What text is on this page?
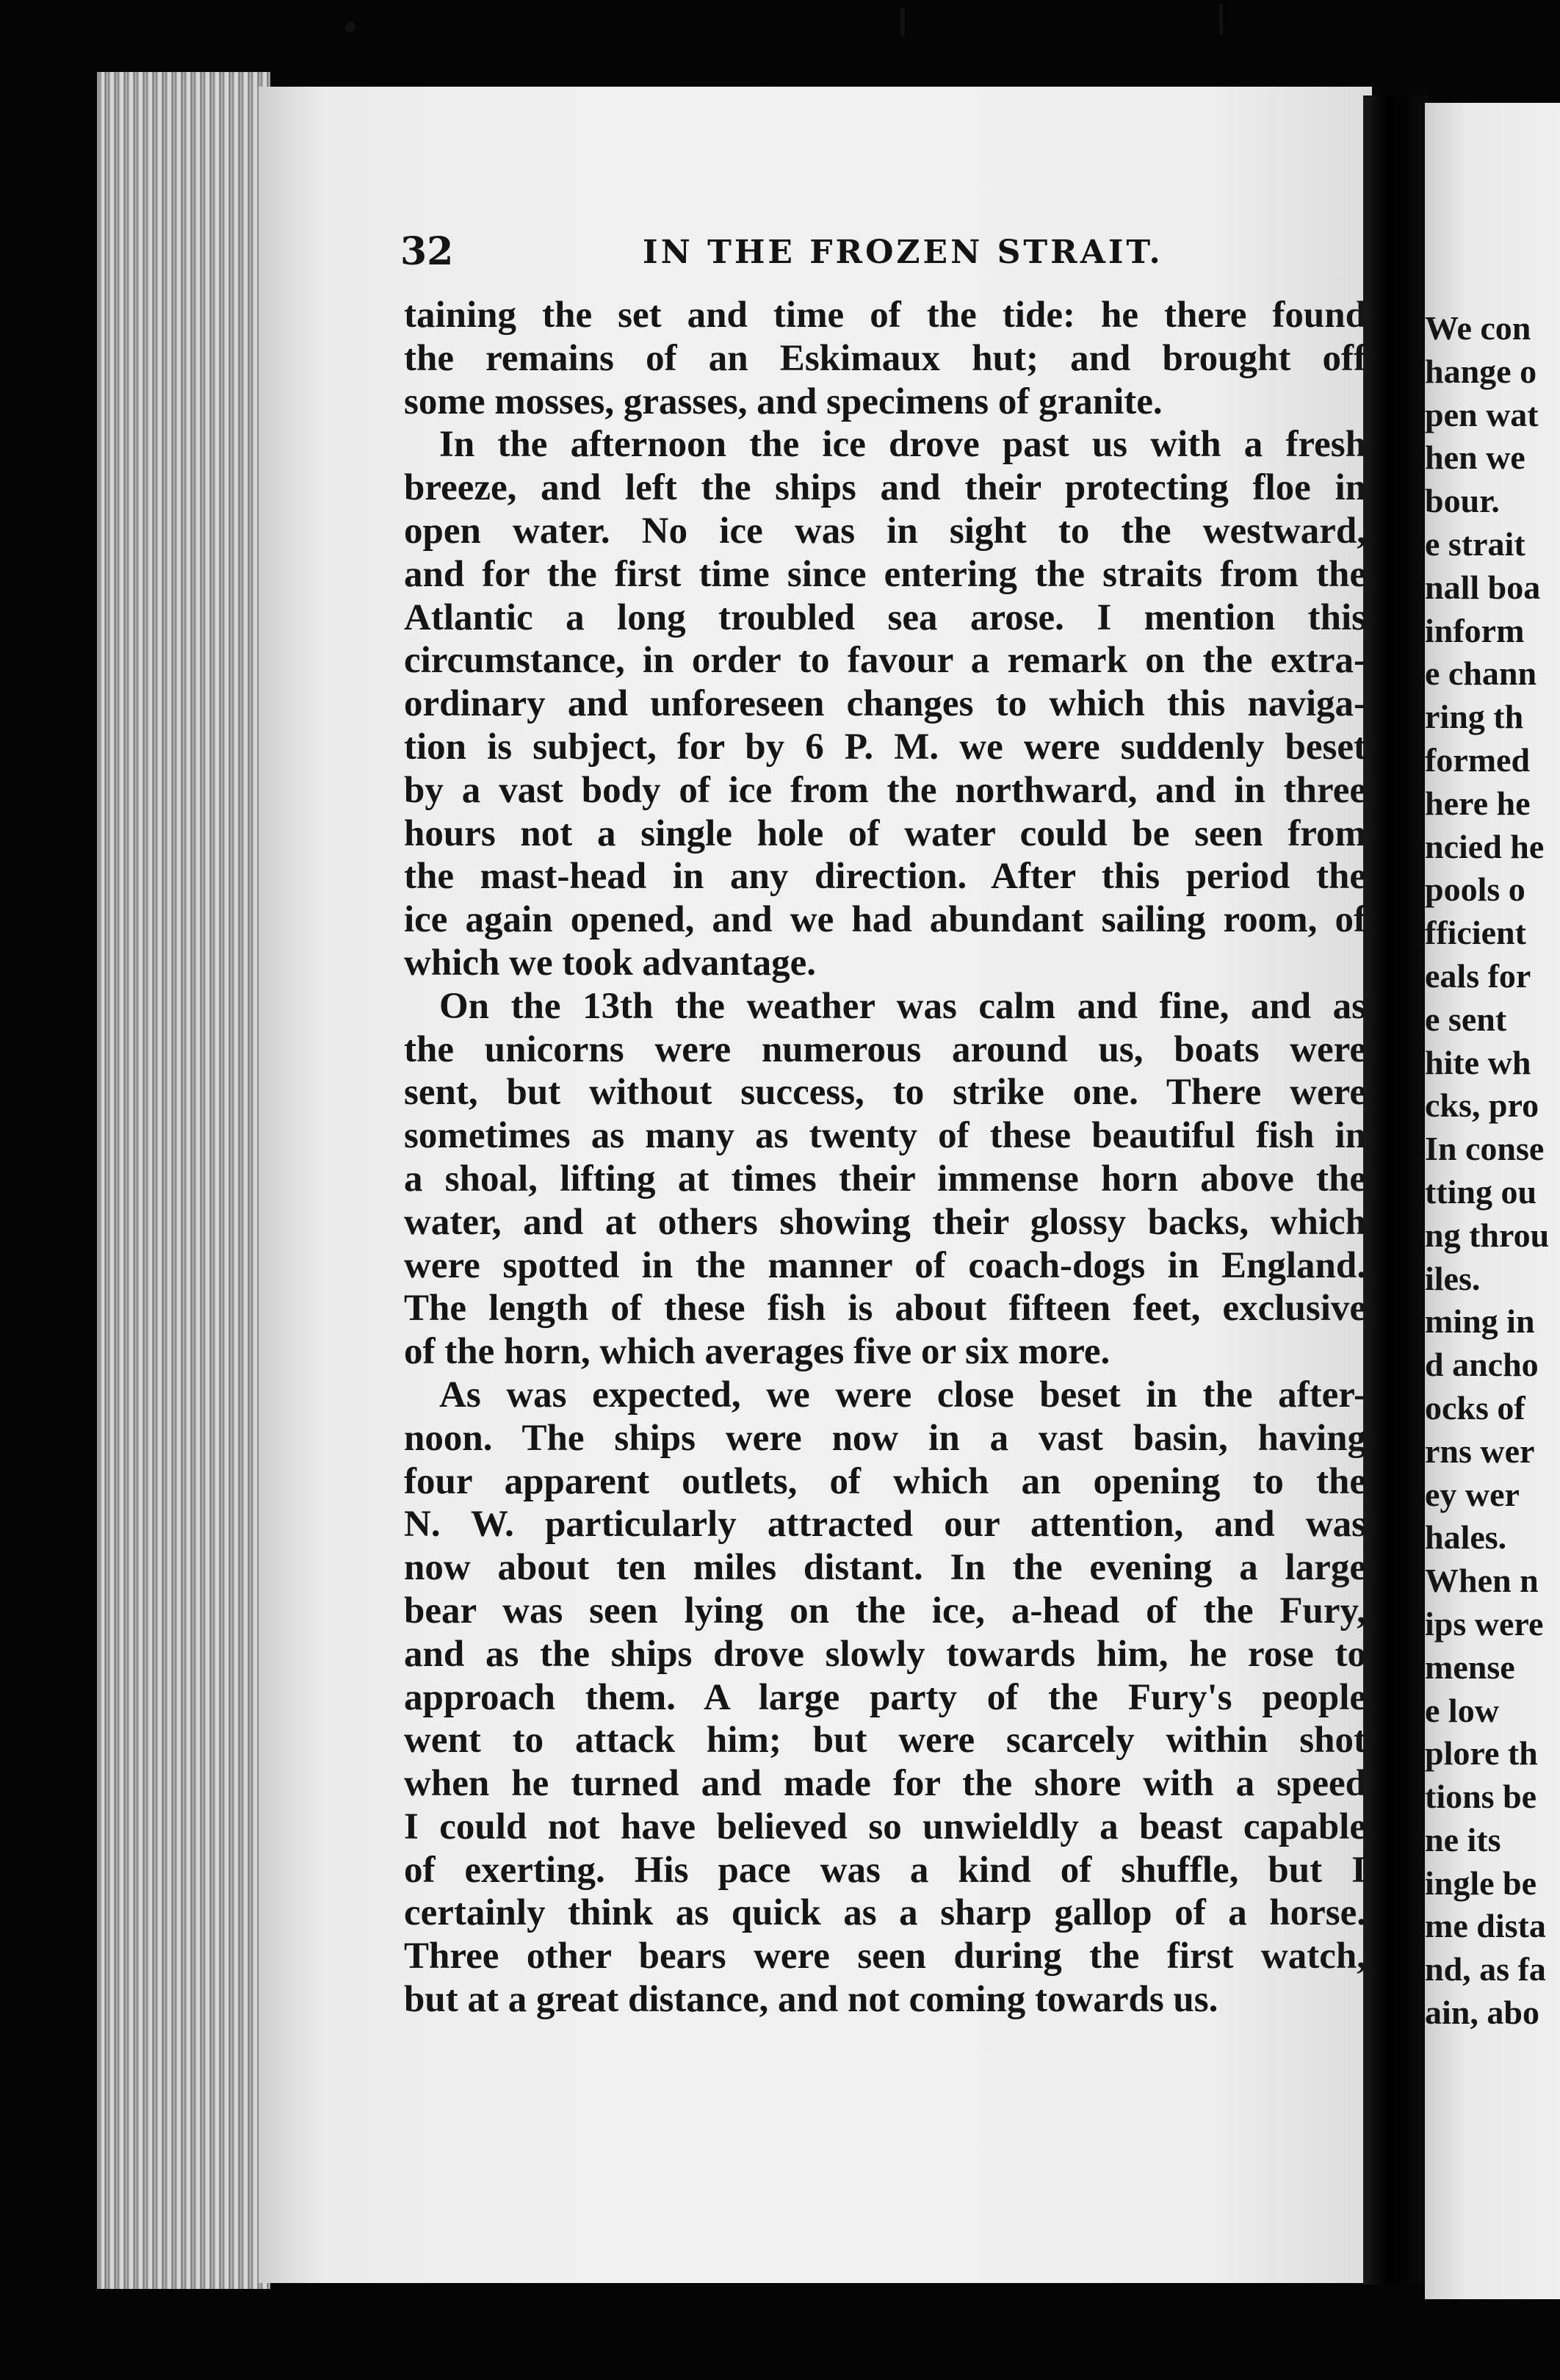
32	IN THE FROZEN STRAIT.
taining the set and time of the tide: he there found
the remains of an Eskimaux hut; and brought off
some mosses, grasses, and specimens of granite.
In the afternoon the ice drove past us with a fresh
breeze, and left the ships and their protecting floe in
open water. No ice was in sight to the westward,
and for the first time since entering the straits from the
Atlantic a long troubled sea arose. I mention this
circumstance, in order to favour a remark on the extra-
ordinary and unforeseen changes to which this naviga-
tion is subject, for by 6 P. M. we were suddenly beset
by a vast body of ice from the northward, and in three
hours not a single hole of water could be seen from
the mast-head in any direction. After this period the
ice again opened, and we had abundant sailing room, of
which we took advantage.
On the 13th the weather was calm and fine, and as
the unicorns were numerous around us, boats were
sent, but without success, to strike one. There were
sometimes as many as twenty of these beautiful fish in
a shoal, lifting at times their immense horn above the
water, and at others showing their glossy backs, which
were spotted in the manner of coach-dogs in England.
The length of these fish is about fifteen feet, exclusive
of the horn, which averages five or six more.
As was expected, we were close beset in the after-
noon. The ships were now in a vast basin, having
four apparent outlets, of which an opening to the
N. W. particularly attracted our attention, and was
now about ten miles distant. In the evening a large
bear was seen lying on the ice, a-head of the Fury,
and as the ships drove slowly towards him, he rose to
approach them. A large party of the Fury's people
went to attack him; but were scarcely within shot
when he turned and made for the shore with a speed
I could not have believed so unwieldly a beast capable
of exerting. His pace was a kind of shuffle, but I
certainly think as quick as a sharp gallop of a horse.
Three other bears were seen during the first watch,
but at a great distance, and not coming towards us.
We con
hange o
pen wat
hen we
bour.
e strait
nall boa
inform
e chann
ring th
formed
here he
ncied he
pools o
fficient
eals for
e sent
hite wh
cks, pro
In conse
tting ou
ng throu
iles.
ming in
d ancho
ocks of
rns wer
ey wer
hales.
When n
ips were
mense
e low
plore th
tions be
ne its
ingle be
me dista
nd, as fa
ain, abo
